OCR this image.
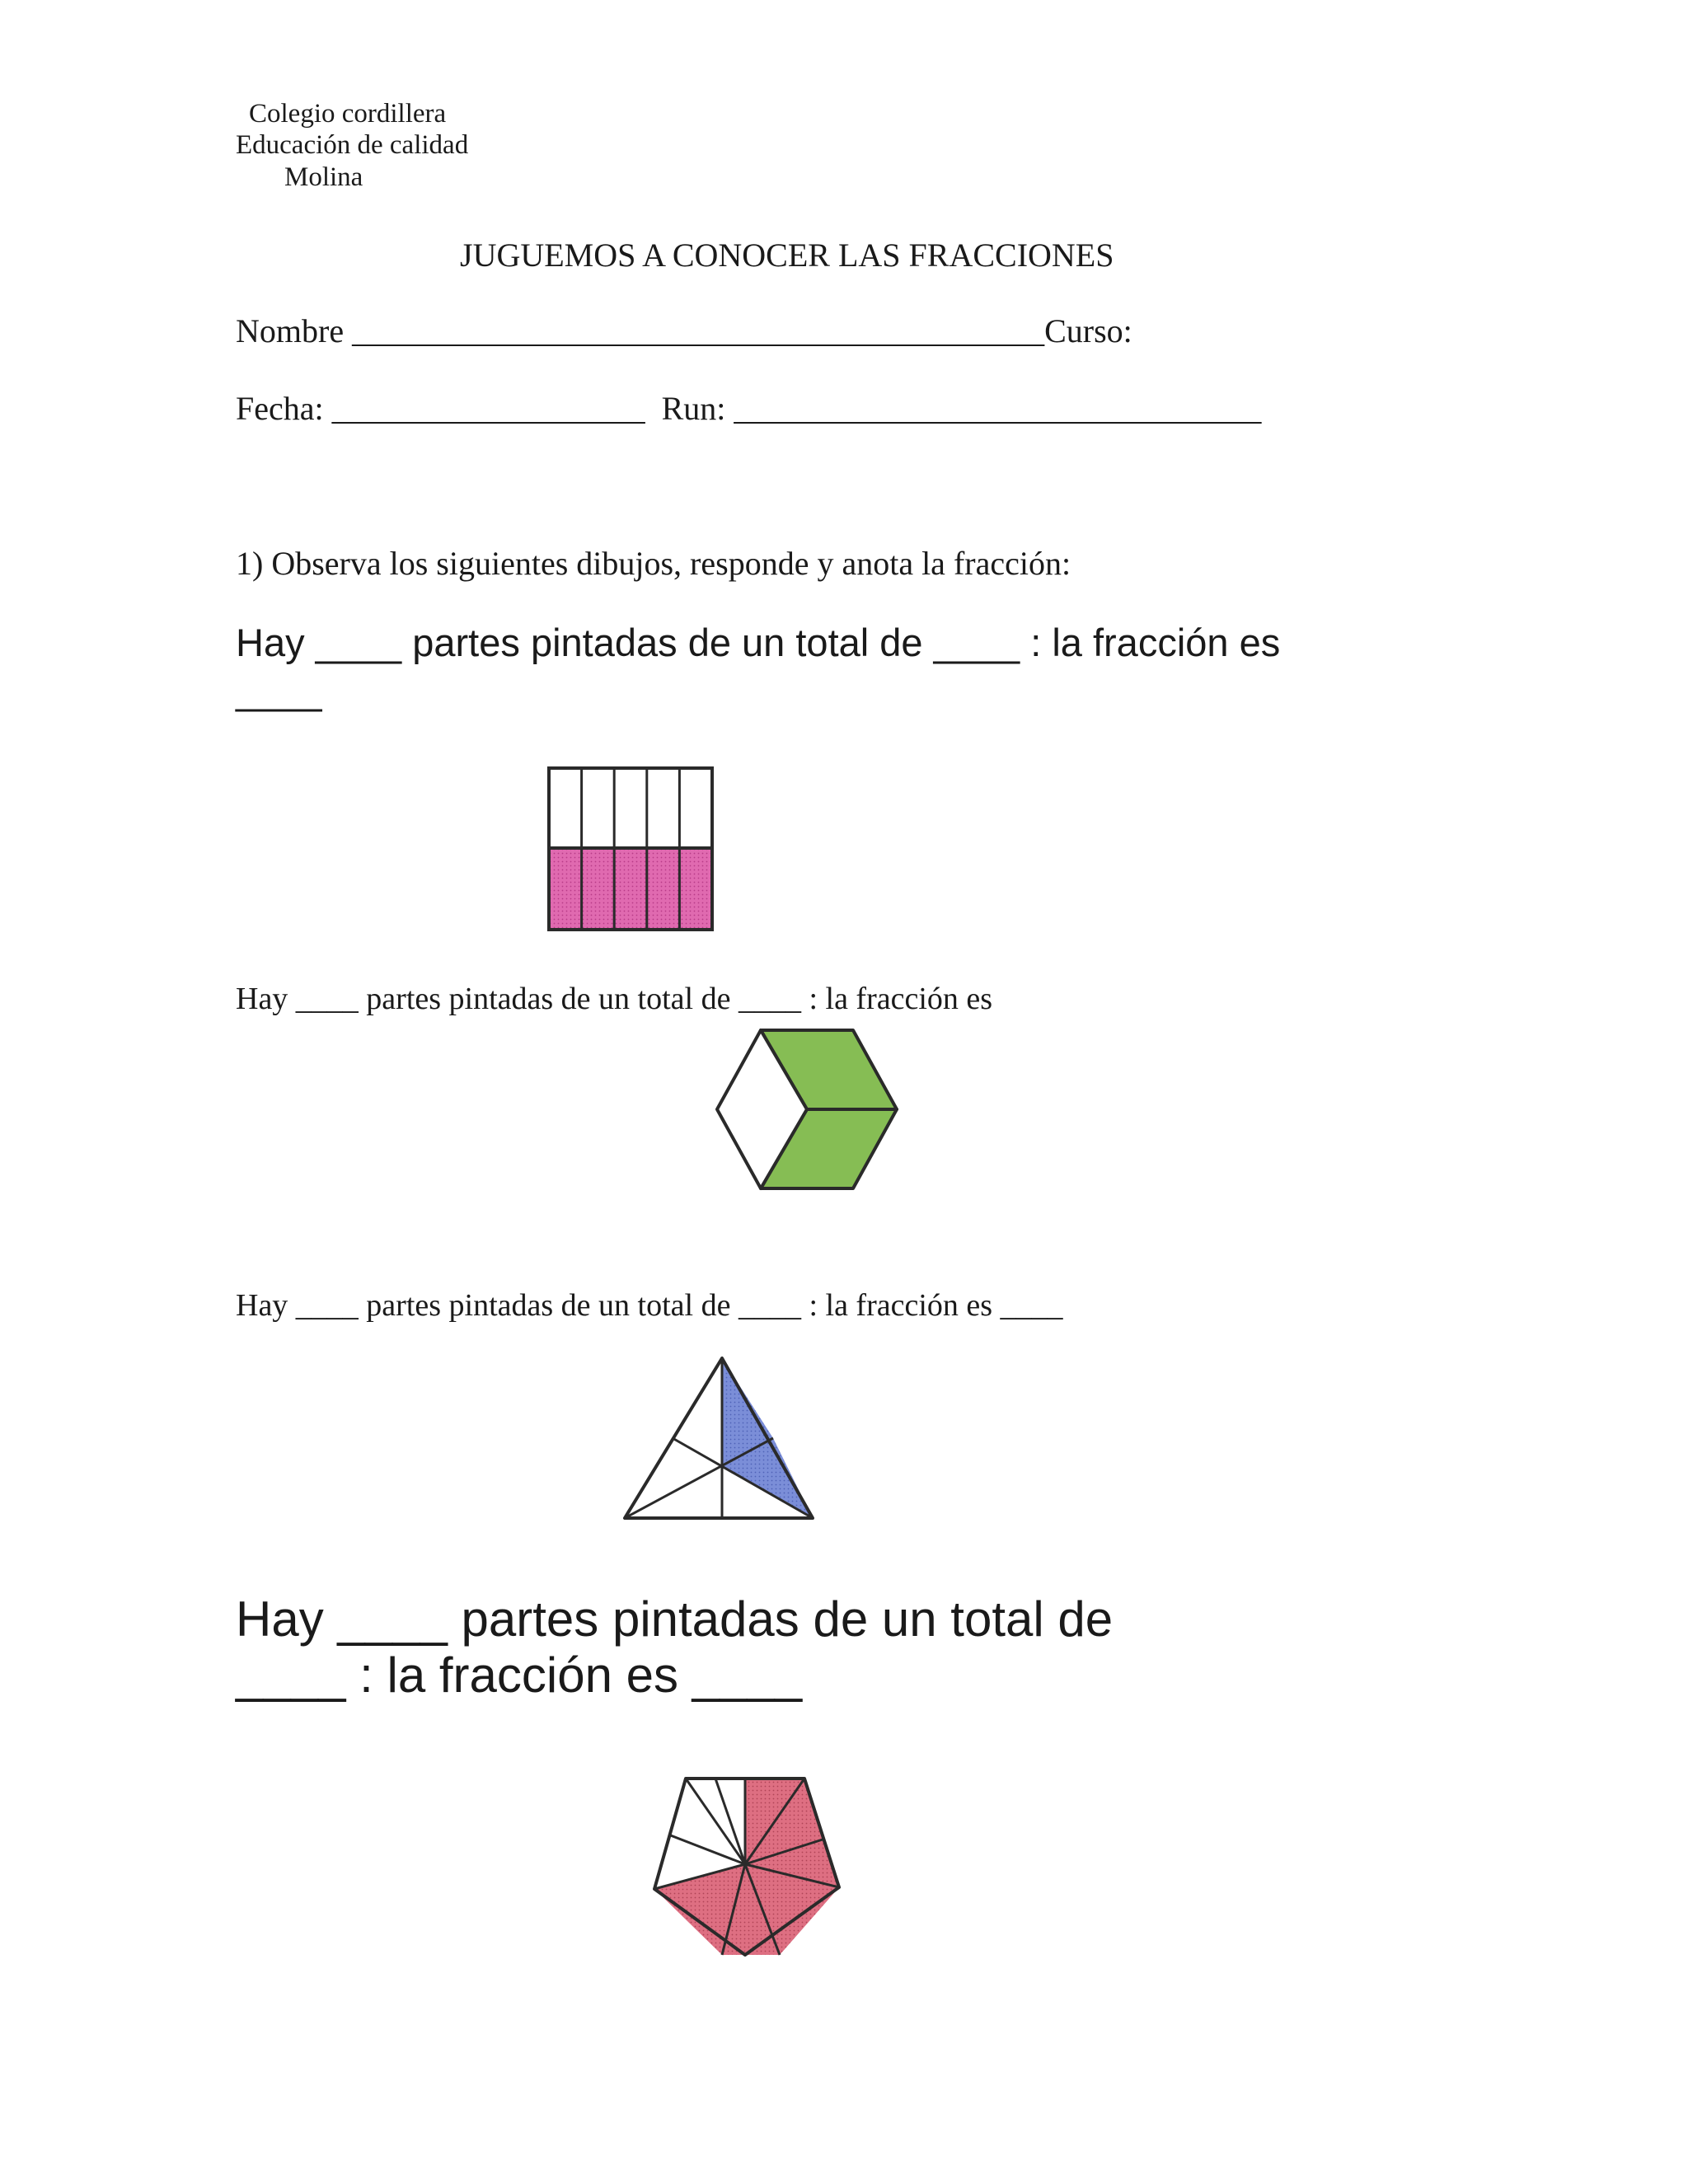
Colegio cordillera
Educación de calidad
Molina
JUGUEMOS A CONOCER LAS FRACCIONES
Nombre __________________________________________Curso:
Fecha: ___________________ Run: ________________________________
1) Observa los siguientes dibujos, responde y anota la fracción:
Hay ____ partes pintadas de un total de ____ : la fracción es
____
Hay ____ partes pintadas de un total de ____ : la fracción es
Hay ____ partes pintadas de un total de ____ : la fracción es ____
Hay ____ partes pintadas de un total de
____ : la fracción es ____
